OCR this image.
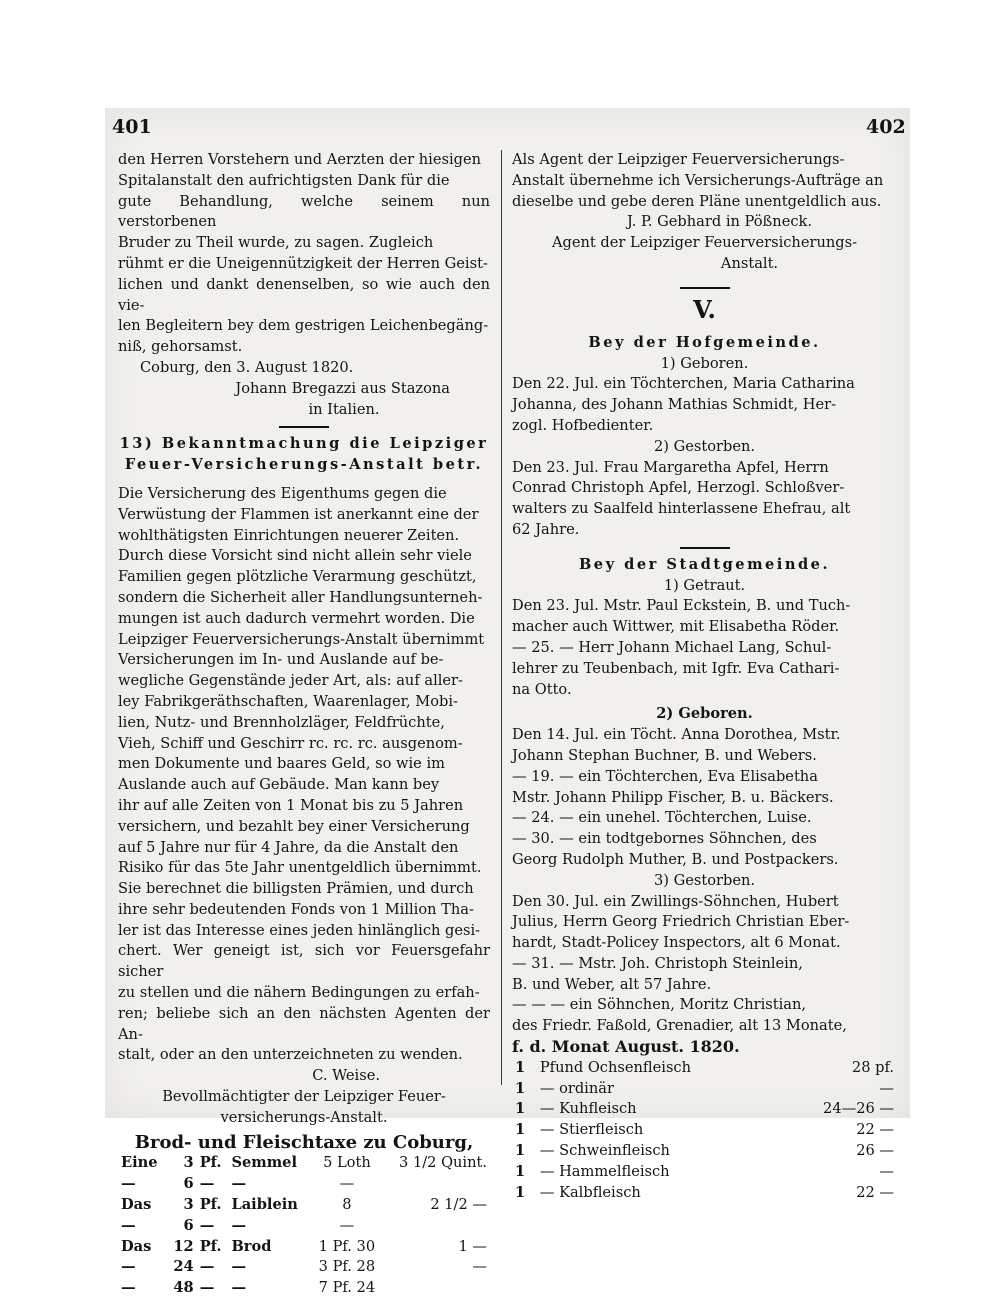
401	402

den Herren Vorstehern und Aerzten der hiesigen

Spitalanstalt den aufrichtigsten Dank für die

gute Behandlung, welche seinem nun verstorbenen

Bruder zu Theil wurde, zu sagen. Zugleich

rühmt er die Uneigennützigkeit der Herren Geist-

lichen und dankt denenselben, so wie auch den vie-

len Begleitern bey dem gestrigen Leichenbegäng-

niß, gehorsamst.

Coburg, den 3. August 1820.

Johann Bregazzi aus Stazona

in Italien.

13) Bekanntmachung die Leipziger

Feuer-Versicherungs-Anstalt betr.

Die Versicherung des Eigenthums gegen die

Verwüstung der Flammen ist anerkannt eine der

wohlthätigsten Einrichtungen neuerer Zeiten.

Durch diese Vorsicht sind nicht allein sehr viele

Familien gegen plötzliche Verarmung geschützt,

sondern die Sicherheit aller Handlungsunterneh-

mungen ist auch dadurch vermehrt worden. Die

Leipziger Feuerversicherungs-Anstalt übernimmt

Versicherungen im In- und Auslande auf be-

wegliche Gegenstände jeder Art, als: auf aller-

ley Fabrikgeräthschaften, Waarenlager, Mobi-

lien, Nutz- und Brennholzläger, Feldfrüchte,

Vieh, Schiff und Geschirr rc. rc. rc. ausgenom-

men Dokumente und baares Geld, so wie im

Auslande auch auf Gebäude. Man kann bey

ihr auf alle Zeiten von 1 Monat bis zu 5 Jahren

versichern, und bezahlt bey einer Versicherung

auf 5 Jahre nur für 4 Jahre, da die Anstalt den

Risiko für das 5te Jahr unentgeldlich übernimmt.

Sie berechnet die billigsten Prämien, und durch

ihre sehr bedeutenden Fonds von 1 Million Tha-

ler ist das Interesse eines jeden hinlänglich gesi-

chert. Wer geneigt ist, sich vor Feuersgefahr sicher

zu stellen und die nähern Bedingungen zu erfah-

ren; beliebe sich an den nächsten Agenten der An-

stalt, oder an den unterzeichneten zu wenden.

C. Weise.

Bevollmächtigter der Leipziger Feuer-

versicherungs-Anstalt.

Brod- und Fleischtaxe zu Coburg,

Eine	3	Pf.	Semmel	5 Loth	3 1/2 Quint.
—	6	—	—	—	
Das	3	Pf.	Laiblein	8	2 1/2 —
—	6	—	—	—	
Das	12	Pf.	Brod	1 Pf. 30	1 —
—	24	—	—	3 Pf. 28	—
—	48	—	—	7 Pf. 24	

Als Agent der Leipziger Feuerversicherungs-

Anstalt übernehme ich Versicherungs-Aufträge an

dieselbe und gebe deren Pläne unentgeldlich aus.

J. P. Gebhard in Pößneck.

Agent der Leipziger Feuerversicherungs-

Anstalt.

V.

Bey der Hofgemeinde.

1) Geboren.

Den 22. Jul. ein Töchterchen, Maria Catharina

Johanna, des Johann Mathias Schmidt, Her-

zogl. Hofbedienter.

2) Gestorben.

Den 23. Jul. Frau Margaretha Apfel, Herrn

Conrad Christoph Apfel, Herzogl. Schloßver-

walters zu Saalfeld hinterlassene Ehefrau, alt

62 Jahre.

Bey der Stadtgemeinde.

1) Getraut.

Den 23. Jul. Mstr. Paul Eckstein, B. und Tuch-

macher auch Wittwer, mit Elisabetha Röder.

— 25. — Herr Johann Michael Lang, Schul-

lehrer zu Teubenbach, mit Igfr. Eva Cathari-

na Otto.

2) Geboren.

Den 14. Jul. ein Töcht. Anna Dorothea, Mstr.

Johann Stephan Buchner, B. und Webers.

— 19. — ein Töchterchen, Eva Elisabetha

Mstr. Johann Philipp Fischer, B. u. Bäckers.

— 24. — ein unehel. Töchterchen, Luise.

— 30. — ein todtgebornes Söhnchen, des

Georg Rudolph Muther, B. und Postpackers.

3) Gestorben.

Den 30. Jul. ein Zwillings-Söhnchen, Hubert

Julius, Herrn Georg Friedrich Christian Eber-

hardt, Stadt-Policey Inspectors, alt 6 Monat.

— 31. — Mstr. Joh. Christoph Steinlein,

B. und Weber, alt 57 Jahre.

— — — ein Söhnchen, Moritz Christian,

des Friedr. Faßold, Grenadier, alt 13 Monate,

f. d. Monat August. 1820.

1	Pfund Ochsenfleisch	28 pf.
1	— ordinär	—
1	— Kuhfleisch	24—26 —
1	— Stierfleisch	22 —
1	— Schweinfleisch	26 —
1	— Hammelfleisch	—
1	— Kalbfleisch	22 —
